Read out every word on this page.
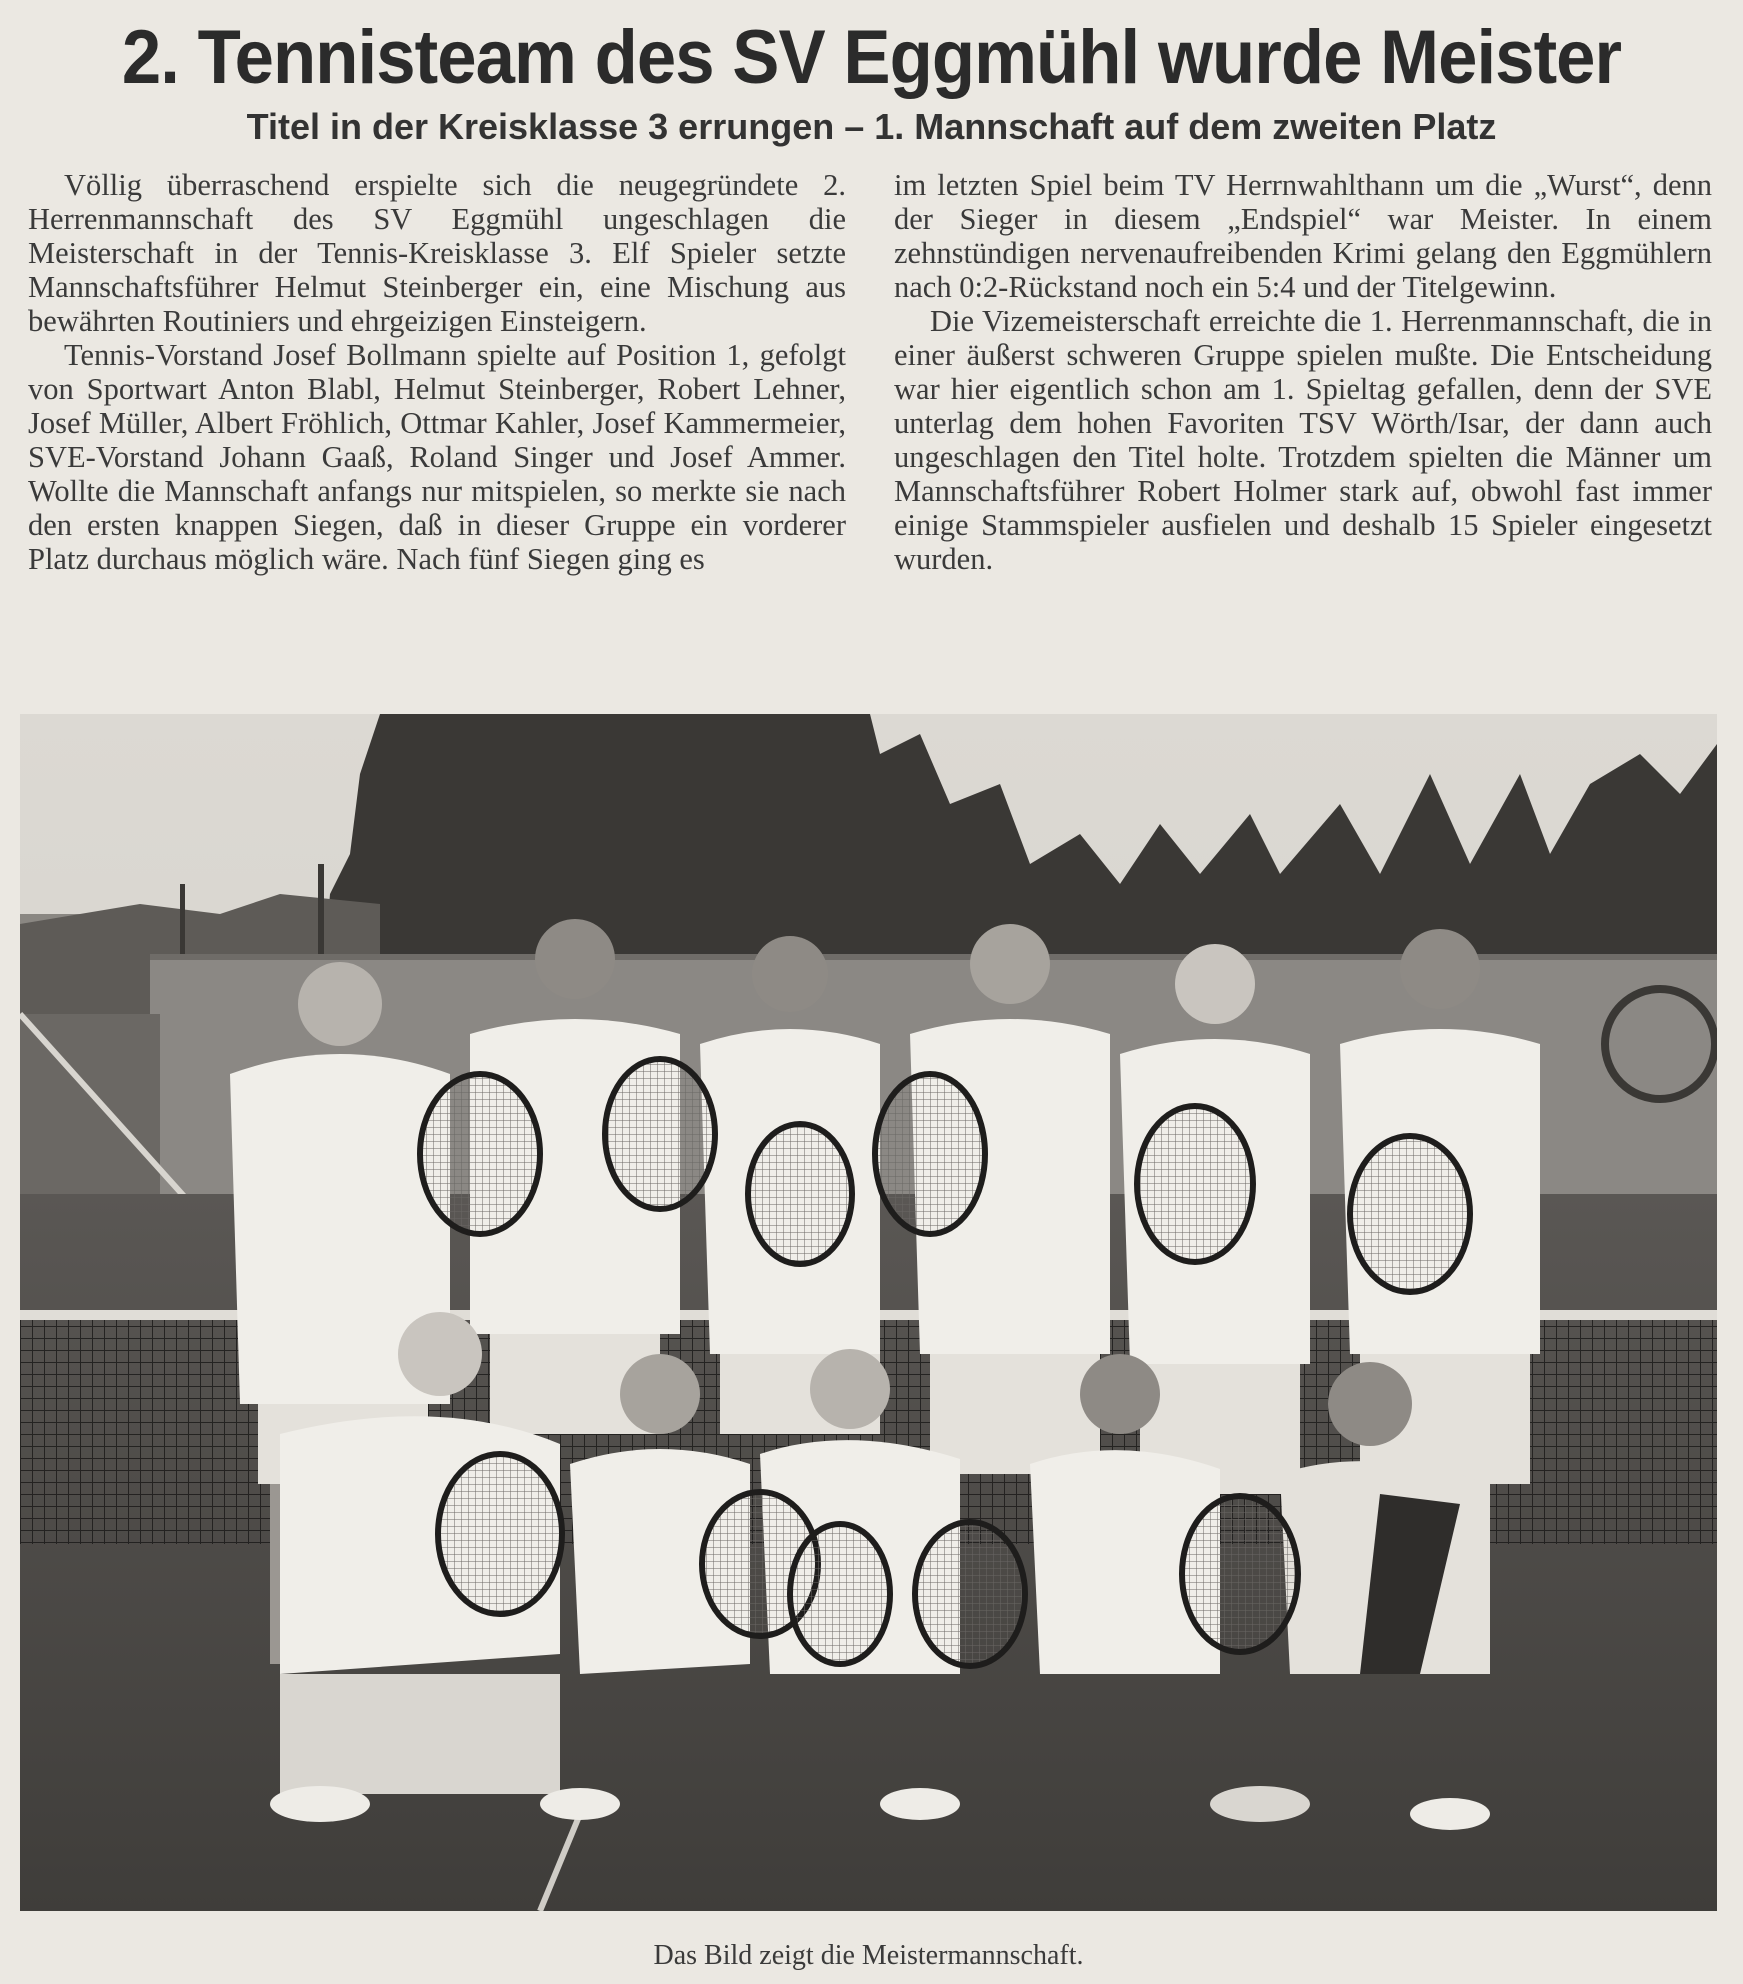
2. Tennisteam des SV Eggmühl wurde Meister
Titel in der Kreisklasse 3 errungen – 1. Mannschaft auf dem zweiten Platz

Völlig überraschend erspielte sich die neugegründete 2. Herrenmannschaft des SV Eggmühl ungeschlagen die Meisterschaft in der Tennis-Kreisklasse 3. Elf Spieler setzte Mannschaftsführer Helmut Steinberger ein, eine Mischung aus bewährten Routiniers und ehrgeizigen Einsteigern.

Tennis-Vorstand Josef Bollmann spielte auf Position 1, gefolgt von Sportwart Anton Blabl, Helmut Steinberger, Robert Lehner, Josef Müller, Albert Fröhlich, Ottmar Kahler, Josef Kammermeier, SVE-Vorstand Johann Gaaß, Roland Singer und Josef Ammer. Wollte die Mannschaft anfangs nur mitspielen, so merkte sie nach den ersten knappen Siegen, daß in dieser Gruppe ein vorderer Platz durchaus möglich wäre. Nach fünf Siegen ging es

im letzten Spiel beim TV Herrnwahlthann um die „Wurst“, denn der Sieger in diesem „Endspiel“ war Meister. In einem zehnstündigen nervenaufreibenden Krimi gelang den Eggmühlern nach 0:2-Rückstand noch ein 5:4 und der Titelgewinn.

Die Vizemeisterschaft erreichte die 1. Herrenmannschaft, die in einer äußerst schweren Gruppe spielen mußte. Die Entscheidung war hier eigentlich schon am 1. Spieltag gefallen, denn der SVE unterlag dem hohen Favoriten TSV Wörth/Isar, der dann auch ungeschlagen den Titel holte. Trotzdem spielten die Männer um Mannschaftsführer Robert Holmer stark auf, obwohl fast immer einige Stammspieler ausfielen und deshalb 15 Spieler eingesetzt wurden.

Das Bild zeigt die Meistermannschaft.
